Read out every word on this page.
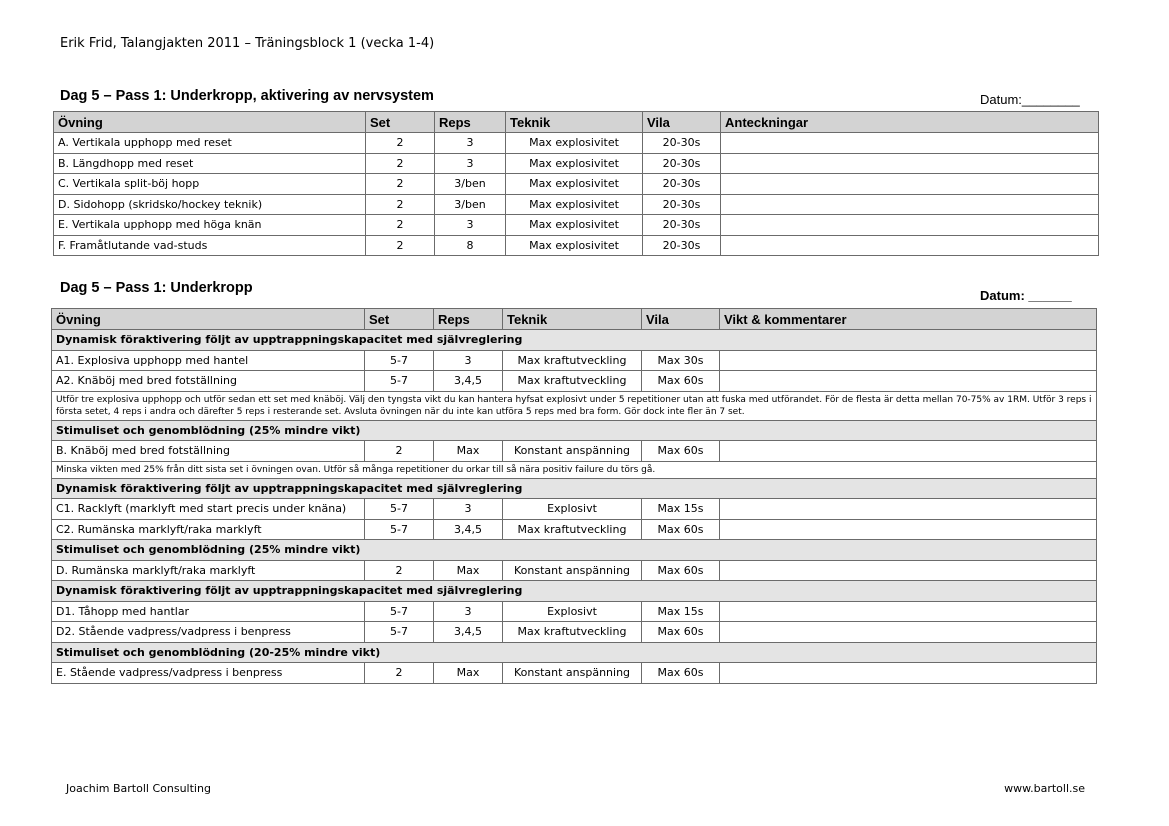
Erik Frid, Talangjakten 2011 – Träningsblock 1 (vecka 1-4)
Dag 5 – Pass 1: Underkropp, aktivering av nervsystem	Datum:________
Övning	Set	Reps	Teknik	Vila	Anteckningar
A. Vertikala upphopp med reset	2	3	Max explosivitet	20-30s	
B. Längdhopp med reset	2	3	Max explosivitet	20-30s	
C. Vertikala split-böj hopp	2	3/ben	Max explosivitet	20-30s	
D. Sidohopp (skridsko/hockey teknik)	2	3/ben	Max explosivitet	20-30s	
E. Vertikala upphopp med höga knän	2	3	Max explosivitet	20-30s	
F. Framåtlutande vad-studs	2	8	Max explosivitet	20-30s	
Dag 5 – Pass 1: Underkropp	Datum: ______
Övning	Set	Reps	Teknik	Vila	Vikt & kommentarer
Dynamisk föraktivering följt av upptrappningskapacitet med självreglering					
A1. Explosiva upphopp med hantel	5-7	3	Max kraftutveckling	Max 30s	
A2. Knäböj med bred fotställning	5-7	3,4,5	Max kraftutveckling	Max 60s	
Utför tre explosiva upphopp och utför sedan ett set med knäböj. Välj den tyngsta vikt du kan hantera hyfsat explosivt under 5 repetitioner utan att fuska med utförandet. För de flesta är detta mellan 70-75% av 1RM. Utför 3 reps i första setet, 4 reps i andra och därefter 5 reps i resterande set. Avsluta övningen när du inte kan utföra 5 reps med bra form. Gör dock inte fler än 7 set.					
Stimuliset och genomblödning (25% mindre vikt)					
B. Knäböj med bred fotställning	2	Max	Konstant anspänning	Max 60s	
Minska vikten med 25% från ditt sista set i övningen ovan. Utför så många repetitioner du orkar till så nära positiv failure du törs gå.					
Dynamisk föraktivering följt av upptrappningskapacitet med självreglering					
C1. Racklyft (marklyft med start precis under knäna)	5-7	3	Explosivt	Max 15s	
C2. Rumänska marklyft/raka marklyft	5-7	3,4,5	Max kraftutveckling	Max 60s	
Stimuliset och genomblödning (25% mindre vikt)					
D. Rumänska marklyft/raka marklyft	2	Max	Konstant anspänning	Max 60s	
Dynamisk föraktivering följt av upptrappningskapacitet med självreglering					
D1. Tåhopp med hantlar	5-7	3	Explosivt	Max 15s	
D2. Stående vadpress/vadpress i benpress	5-7	3,4,5	Max kraftutveckling	Max 60s	
Stimuliset och genomblödning (20-25% mindre vikt)					
E. Stående vadpress/vadpress i benpress	2	Max	Konstant anspänning	Max 60s	
Joachim Bartoll Consulting	www.bartoll.se
